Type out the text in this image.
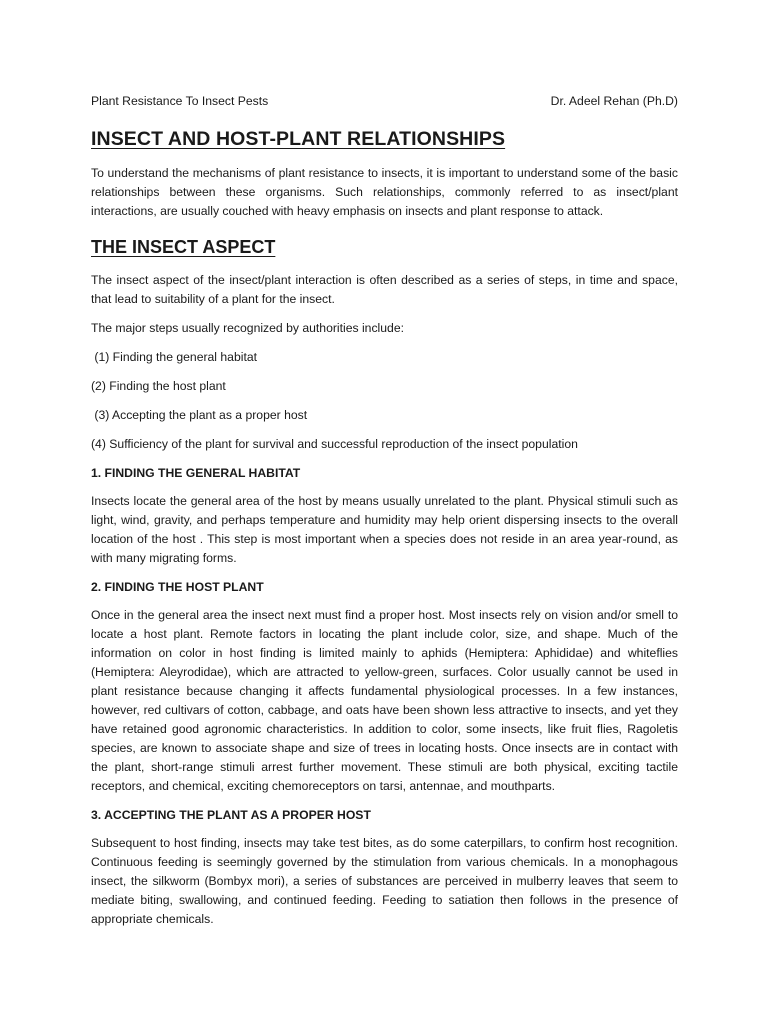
Plant Resistance To Insect Pests	Dr. Adeel Rehan (Ph.D)
INSECT AND HOST-PLANT RELATIONSHIPS

To understand the mechanisms of plant resistance to insects, it is important to understand some of the basic relationships between these organisms. Such relationships, commonly referred to as insect/plant interactions, are usually couched with heavy emphasis on insects and plant response to attack.

THE INSECT ASPECT

The insect aspect of the insect/plant interaction is often described as a series of steps, in time and space, that lead to suitability of a plant for the insect.

The major steps usually recognized by authorities include:

(1) Finding the general habitat

(2) Finding the host plant

(3) Accepting the plant as a proper host

(4) Sufficiency of the plant for survival and successful reproduction of the insect population

1. FINDING THE GENERAL HABITAT

Insects locate the general area of the host by means usually unrelated to the plant. Physical stimuli such as light, wind, gravity, and perhaps temperature and humidity may help orient dispersing insects to the overall location of the host . This step is most important when a species does not reside in an area year-round, as with many migrating forms.

2. FINDING THE HOST PLANT

Once in the general area the insect next must find a proper host. Most insects rely on vision and/or smell to locate a host plant. Remote factors in locating the plant include color, size, and shape. Much of the information on color in host finding is limited mainly to aphids (Hemiptera: Aphididae) and whiteflies (Hemiptera: Aleyrodidae), which are attracted to yellow-green, surfaces. Color usually cannot be used in plant resistance because changing it affects fundamental physiological processes. In a few instances, however, red cultivars of cotton, cabbage, and oats have been shown less attractive to insects, and yet they have retained good agronomic characteristics. In addition to color, some insects, like fruit flies, Ragoletis species, are known to associate shape and size of trees in locating hosts. Once insects are in contact with the plant, short-range stimuli arrest further movement. These stimuli are both physical, exciting tactile receptors, and chemical, exciting chemoreceptors on tarsi, antennae, and mouthparts.

3. ACCEPTING THE PLANT AS A PROPER HOST

Subsequent to host finding, insects may take test bites, as do some caterpillars, to confirm host recognition. Continuous feeding is seemingly governed by the stimulation from various chemicals. In a monophagous insect, the silkworm (Bombyx mori), a series of substances are perceived in mulberry leaves that seem to mediate biting, swallowing, and continued feeding. Feeding to satiation then follows in the presence of appropriate chemicals.
